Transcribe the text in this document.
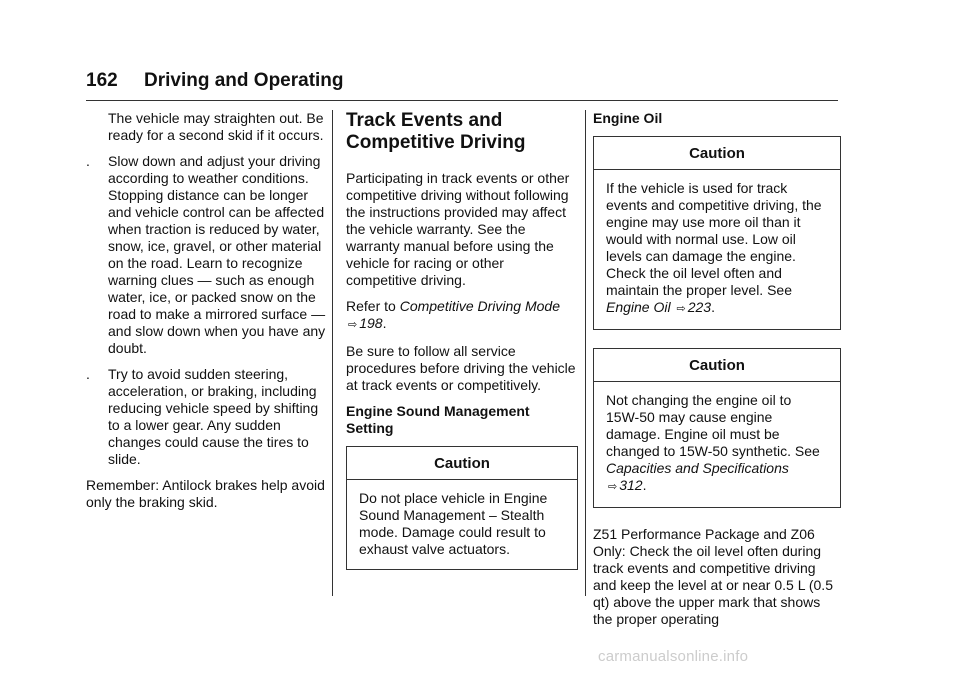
162 Driving and Operating

The vehicle may straighten out. Be ready for a second skid if it occurs.

. Slow down and adjust your driving according to weather conditions. Stopping distance can be longer and vehicle control can be affected when traction is reduced by water, snow, ice, gravel, or other material on the road. Learn to recognize warning clues — such as enough water, ice, or packed snow on the road to make a mirrored surface — and slow down when you have any doubt.
. Try to avoid sudden steering, acceleration, or braking, including reducing vehicle speed by shifting to a lower gear. Any sudden changes could cause the tires to slide.

Remember: Antilock brakes help avoid only the braking skid.

Track Events and Competitive Driving

Participating in track events or other competitive driving without following the instructions provided may affect the vehicle warranty. See the warranty manual before using the vehicle for racing or other competitive driving.

Refer to Competitive Driving Mode ⇨ 198.

Be sure to follow all service procedures before driving the vehicle at track events or competitively.

Engine Sound Management Setting

Caution
Do not place vehicle in Engine Sound Management – Stealth mode. Damage could result to exhaust valve actuators.

Engine Oil

Caution
If the vehicle is used for track events and competitive driving, the engine may use more oil than it would with normal use. Low oil levels can damage the engine. Check the oil level often and maintain the proper level. See Engine Oil ⇨ 223.
Caution
Not changing the engine oil to 15W-50 may cause engine damage. Engine oil must be changed to 15W-50 synthetic. See Capacities and Specifications ⇨ 312.

Z51 Performance Package and Z06 Only: Check the oil level often during track events and competitive driving and keep the level at or near 0.5 L (0.5 qt) above the upper mark that shows the proper operating

carmanualsonline.info
